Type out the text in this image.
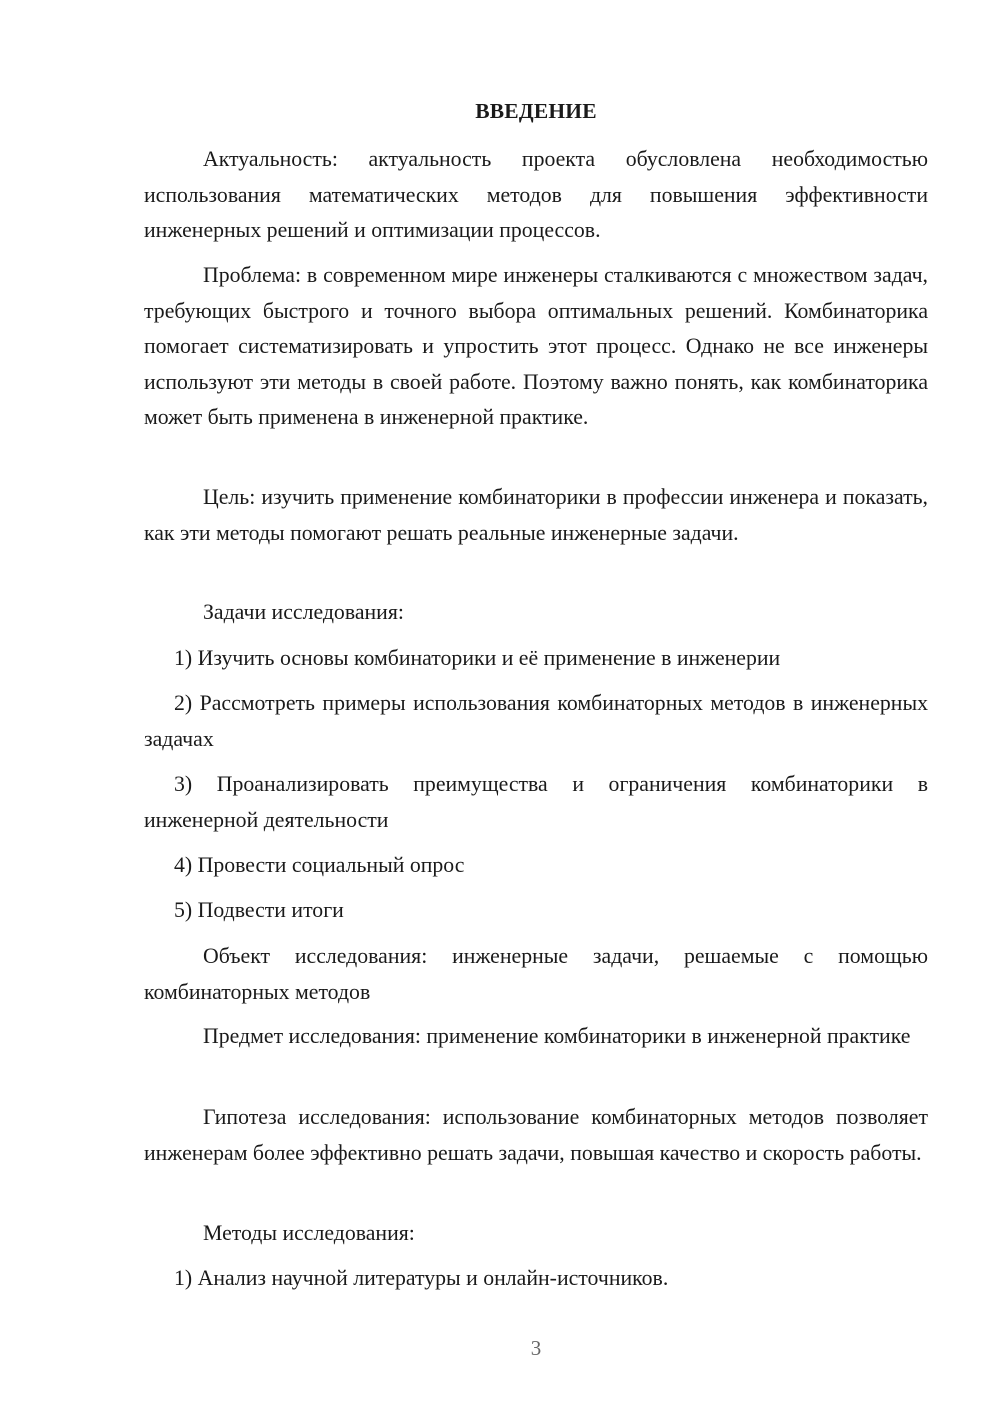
ВВЕДЕНИЕ

Актуальность: актуальность проекта обусловлена необходимостью использования математических методов для повышения эффективности инженерных решений и оптимизации процессов.

Проблема: в современном мире инженеры сталкиваются с множеством задач, требующих быстрого и точного выбора оптимальных решений. Комбинаторика помогает систематизировать и упростить этот процесс. Однако не все инженеры используют эти методы в своей работе. Поэтому важно понять, как комбинаторика может быть применена в инженерной практике.

Цель: изучить применение комбинаторики в профессии инженера и показать, как эти методы помогают решать реальные инженерные задачи.

Задачи исследования:

1) Изучить основы комбинаторики и её применение в инженерии

2) Рассмотреть примеры использования комбинаторных методов в инженерных задачах

3) Проанализировать преимущества и ограничения комбинаторики в инженерной деятельности

4) Провести социальный опрос

5) Подвести итоги

Объект исследования: инженерные задачи, решаемые с помощью комбинаторных методов

Предмет исследования: применение комбинаторики в инженерной практике

Гипотеза исследования: использование комбинаторных методов позволяет инженерам более эффективно решать задачи, повышая качество и скорость работы.

Методы исследования:

1) Анализ научной литературы и онлайн-источников.

3
